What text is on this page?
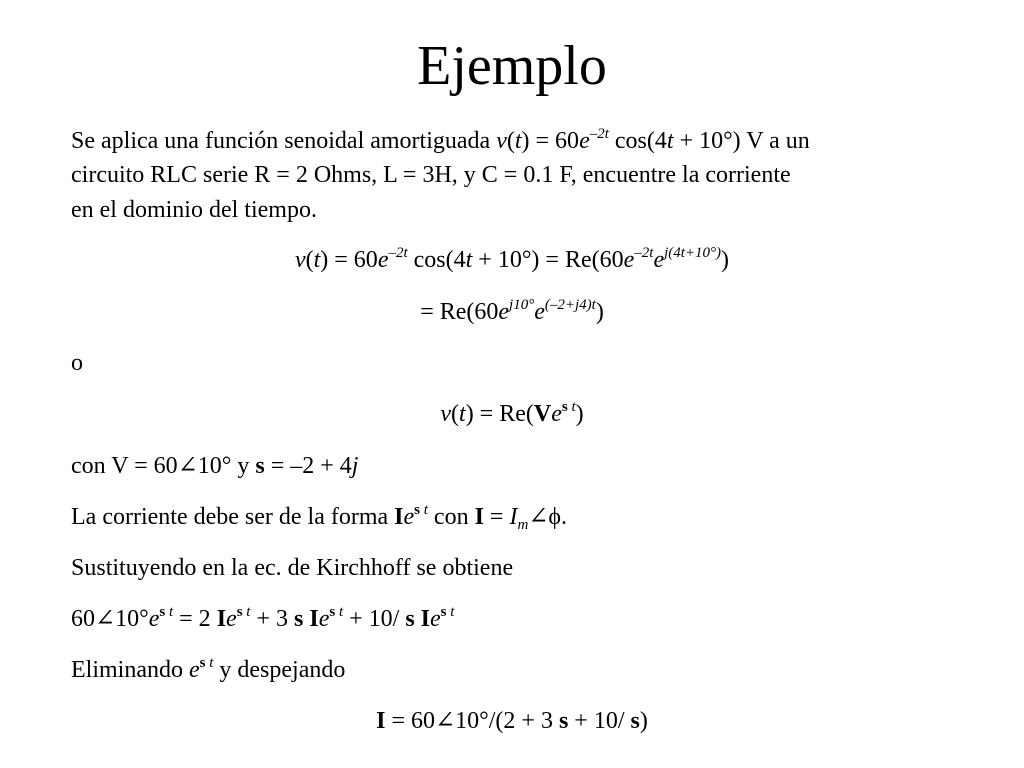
Ejemplo
Se aplica una función senoidal amortiguada $v(t) = 60e^{-2t}$ cos(4t + 10°) V a un
circuito RLC serie R = 2 Ohms, L = 3H, y C = 0.1 F, encuentre la corriente
en el dominio del tiempo.
$v(t) = 60e^{-2t}$ $\cos(4t + 10^\circ) = Re(60e^{-2t}e^{j(4t+10^\circ)})$
= $Re(60e^{j10^\circ}e^{(-2+j4)t})$
o
$v(t) = Re(Ve^{s t})$
con V = 60∠10° y s = –2 + 4j
La corriente debe ser de la forma $Ie^{s t}$ con $I = I_m\angle\phi$.
Sustituyendo en la ec. de Kirchhoff se obtiene
$60\angle 10^\circ e^{s t} = 2$ $Ie^{s t} + 3$ s $Ie^{s t} + 10/$ s $Ie^{s t}$
Eliminando $e^{s t}$ y despejando
I = 60∠10°/(2 + 3 s + 10/ s)
